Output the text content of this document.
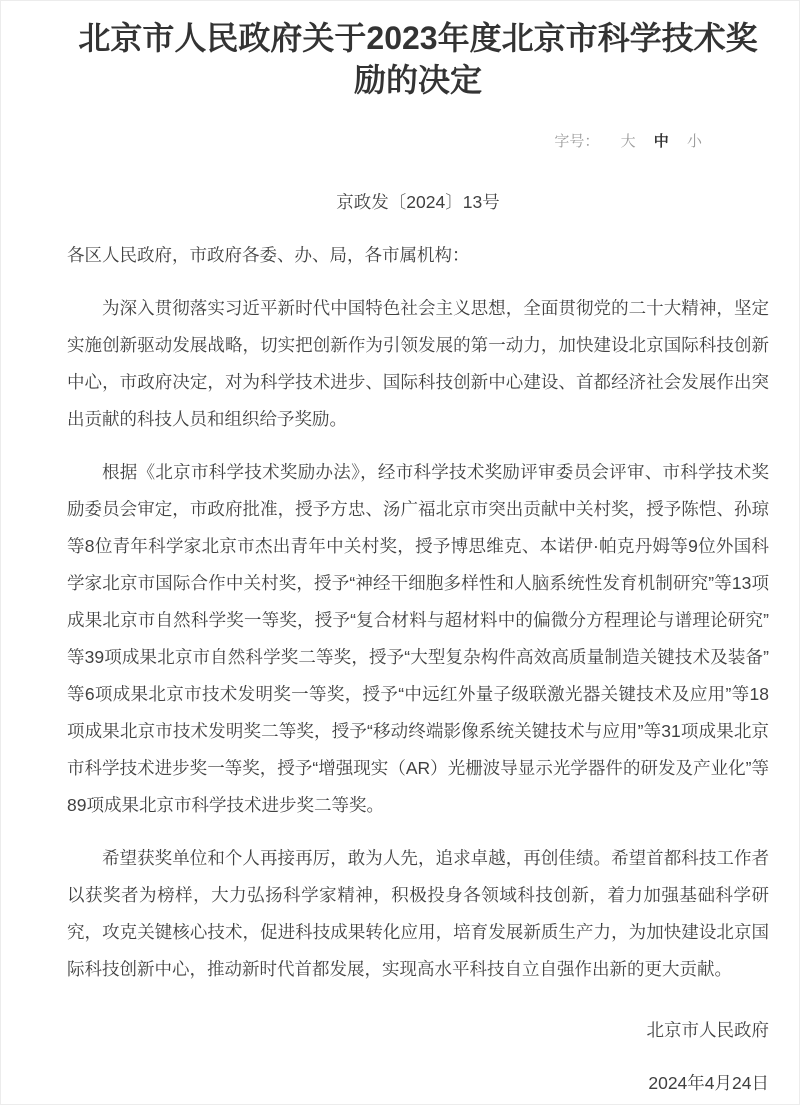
北京市人民政府关于2023年度北京市科学技术奖励的决定
字号： 大 中 小
京政发〔2024〕13号

各区人民政府，市政府各委、办、局，各市属机构：

为深入贯彻落实习近平新时代中国特色社会主义思想，全面贯彻党的二十大精神，坚定实施创新驱动发展战略，切实把创新作为引领发展的第一动力，加快建设北京国际科技创新中心，市政府决定，对为科学技术进步、国际科技创新中心建设、首都经济社会发展作出突出贡献的科技人员和组织给予奖励。

根据《北京市科学技术奖励办法》，经市科学技术奖励评审委员会评审、市科学技术奖励委员会审定，市政府批准，授予方忠、汤广福北京市突出贡献中关村奖，授予陈恺、孙琼等8位青年科学家北京市杰出青年中关村奖，授予博思维克、本诺伊·帕克丹姆等9位外国科学家北京市国际合作中关村奖，授予“神经干细胞多样性和人脑系统性发育机制研究”等13项成果北京市自然科学奖一等奖，授予“复合材料与超材料中的偏微分方程理论与谱理论研究”等39项成果北京市自然科学奖二等奖，授予“大型复杂构件高效高质量制造关键技术及装备”等6项成果北京市技术发明奖一等奖，授予“中远红外量子级联激光器关键技术及应用”等18项成果北京市技术发明奖二等奖，授予“移动终端影像系统关键技术与应用”等31项成果北京市科学技术进步奖一等奖，授予“增强现实（AR）光栅波导显示光学器件的研发及产业化”等89项成果北京市科学技术进步奖二等奖。

希望获奖单位和个人再接再厉，敢为人先，追求卓越，再创佳绩。希望首都科技工作者以获奖者为榜样，大力弘扬科学家精神，积极投身各领域科技创新，着力加强基础科学研究，攻克关键核心技术，促进科技成果转化应用，培育发展新质生产力，为加快建设北京国际科技创新中心，推动新时代首都发展，实现高水平科技自立自强作出新的更大贡献。

北京市人民政府
2024年4月24日
